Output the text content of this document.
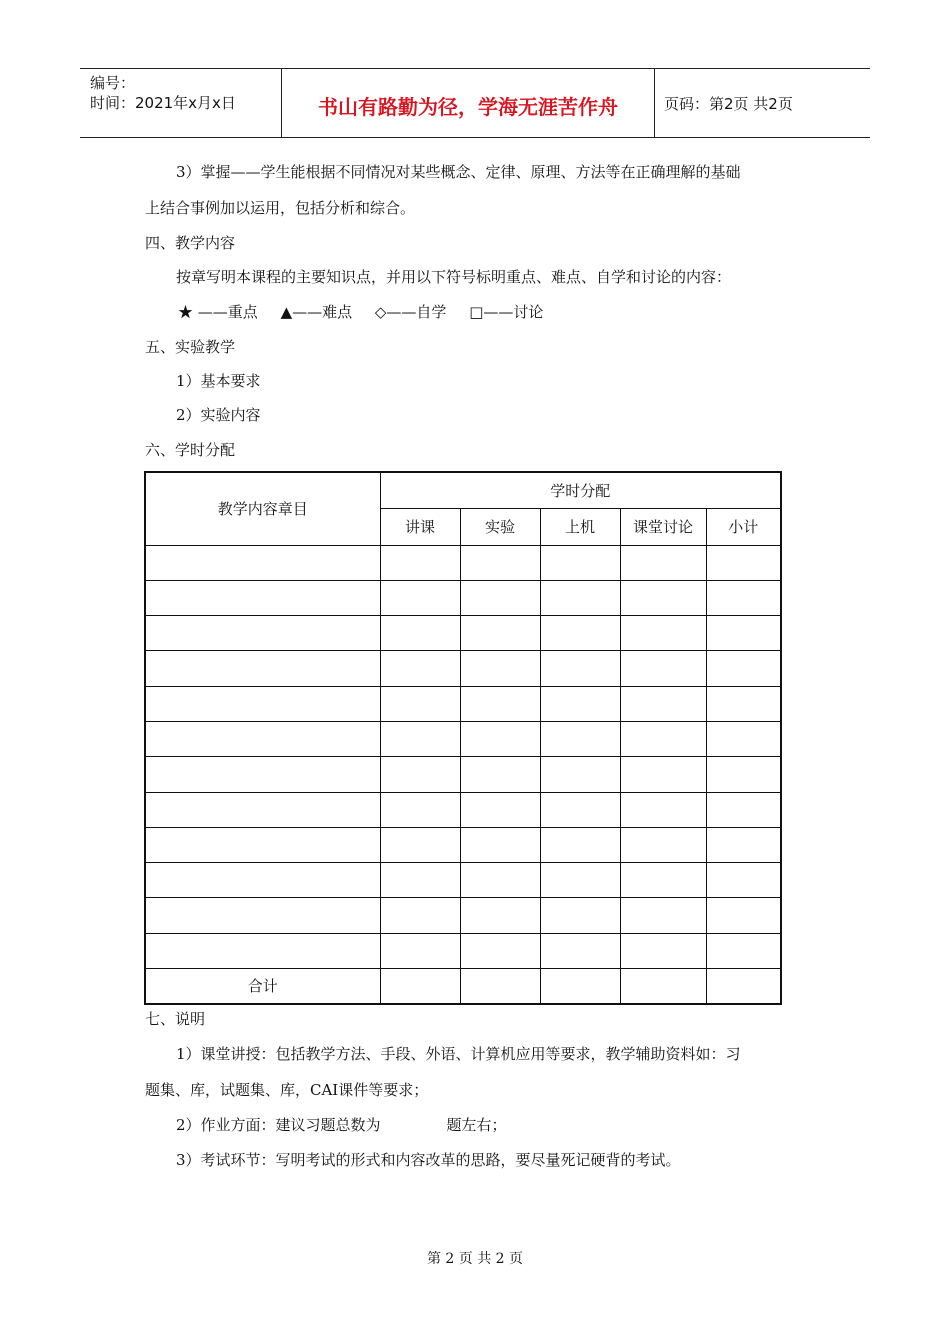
编号：
时间：2021年x月x日	书山有路勤为径，学海无涯苦作舟	页码：第2页 共2页
3）掌握——学生能根据不同情况对某些概念、定律、原理、方法等在正确理解的基础
上结合事例加以运用，包括分析和综合。
四、教学内容
按章写明本课程的主要知识点，并用以下符号标明重点、难点、自学和讨论的内容：
★ ——重点 ▲——难点 ◇——自学 □——讨论
五、实验教学
1）基本要求
2）实验内容
六、学时分配
教学内容章目	学时分配				
	讲课	实验	上机	课堂讨论	小计

合计					
七、说明
1）课堂讲授：包括教学方法、手段、外语、计算机应用等要求，教学辅助资料如：习
题集、库，试题集、库，CAI课件等要求；
2）作业方面：建议习题总数为	题左右；
3）考试环节：写明考试的形式和内容改革的思路，要尽量死记硬背的考试。
第 2 页 共 2 页
